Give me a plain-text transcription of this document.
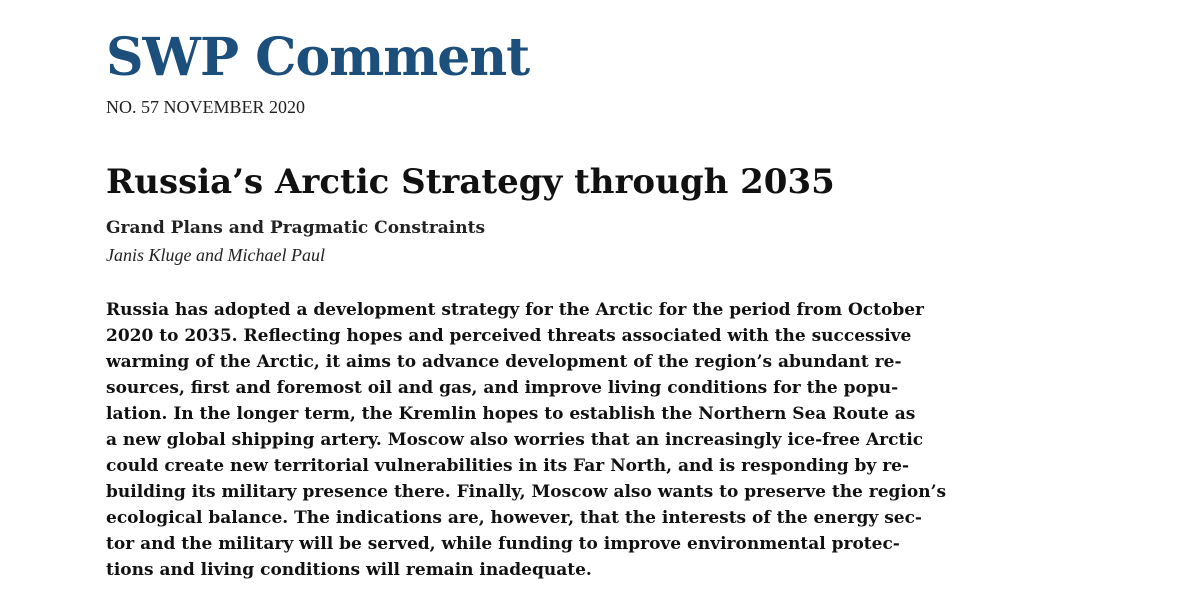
SWP Comment

NO. 57 NOVEMBER 2020

Russia’s Arctic Strategy through 2035

Grand Plans and Pragmatic Constraints

Janis Kluge and Michael Paul

Russia has adopted a development strategy for the Arctic for the period from October
2020 to 2035. Reflecting hopes and perceived threats associated with the successive
warming of the Arctic, it aims to advance development of the region’s abundant re-
sources, first and foremost oil and gas, and improve living conditions for the popu-
lation. In the longer term, the Kremlin hopes to establish the Northern Sea Route as
a new global shipping artery. Moscow also worries that an increasingly ice-free Arctic
could create new territorial vulnerabilities in its Far North, and is responding by re-
building its military presence there. Finally, Moscow also wants to preserve the region’s
ecological balance. The indications are, however, that the interests of the energy sec-
tor and the military will be served, while funding to improve environmental protec-
tions and living conditions will remain inadequate.
